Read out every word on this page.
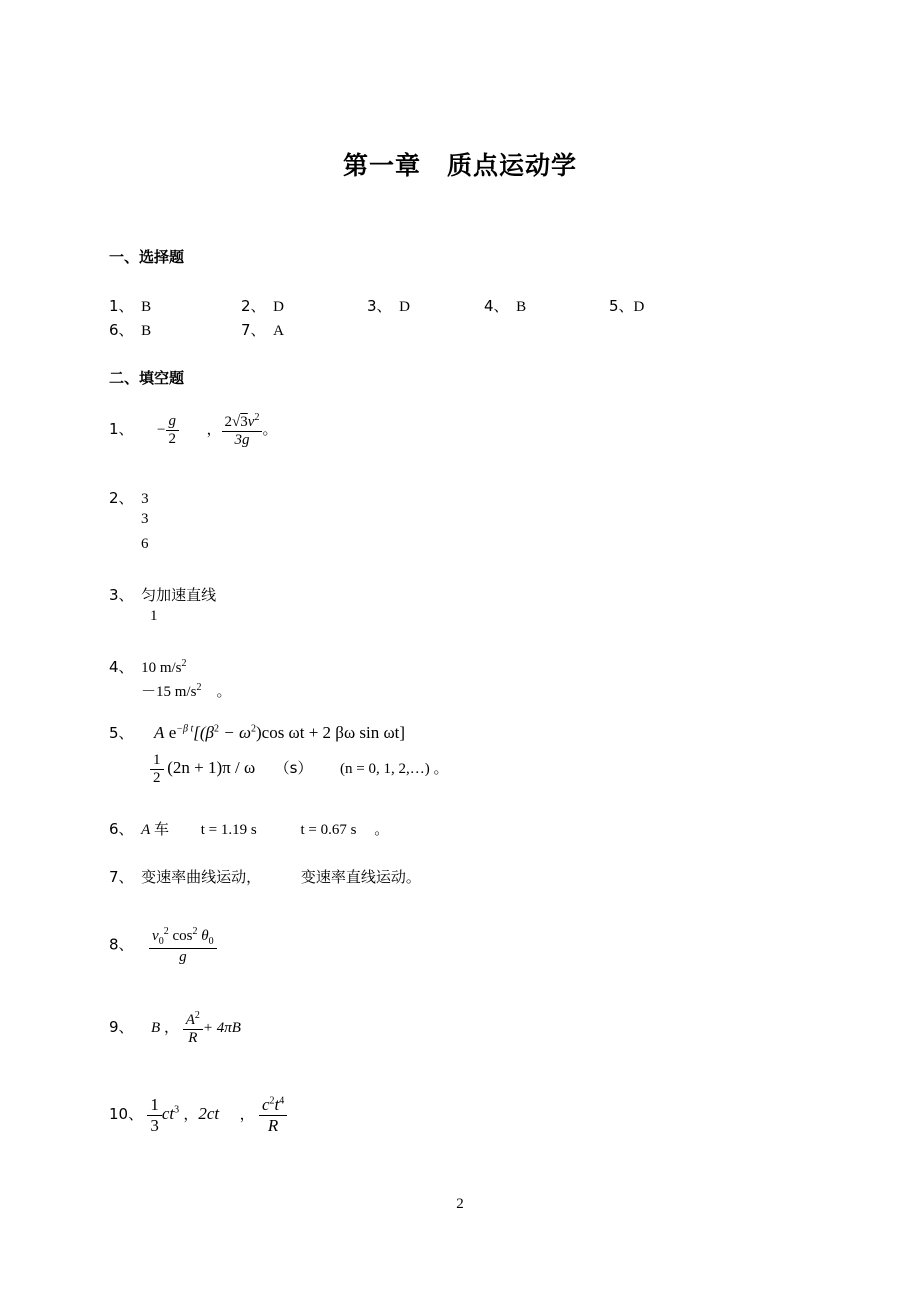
第一章　质点运动学
一、选择题
1、　 B	2、　 D	3、　 D	4、　 B	5、D
6、　 B	7、　 A
二、填空题
1、 − $\frac{g}{2}$ ， $\frac{2√3v^2}{3g}$ 。
2、　 3
3
6
3、　 匀加速直线
1
4、　 10 $m/s^2$
－15 $m/s^2$　 。
5、 A $e^{-\beta t}[(\beta^2 - \omega^2)\cos$ ωt + 2 βω sin ωt]
$\frac{1}{2} (2n + 1)\pi / \omega$ （s） (n = 0, 1, 2,…) 。
6、　 A 车 t = 1.19 s	t = 0.67 s 。
7、　 变速率曲线运动，	变速率直线运动。
8、 $\frac{v_0^2 \cos^2 \theta_0}{g}$
9、 B ， $\frac{A^2}{R} + 4\pi B$
10、 $\frac{1}{3} ct^3$ ，2ct ， $\frac{c^2t^4}{R}$
2
